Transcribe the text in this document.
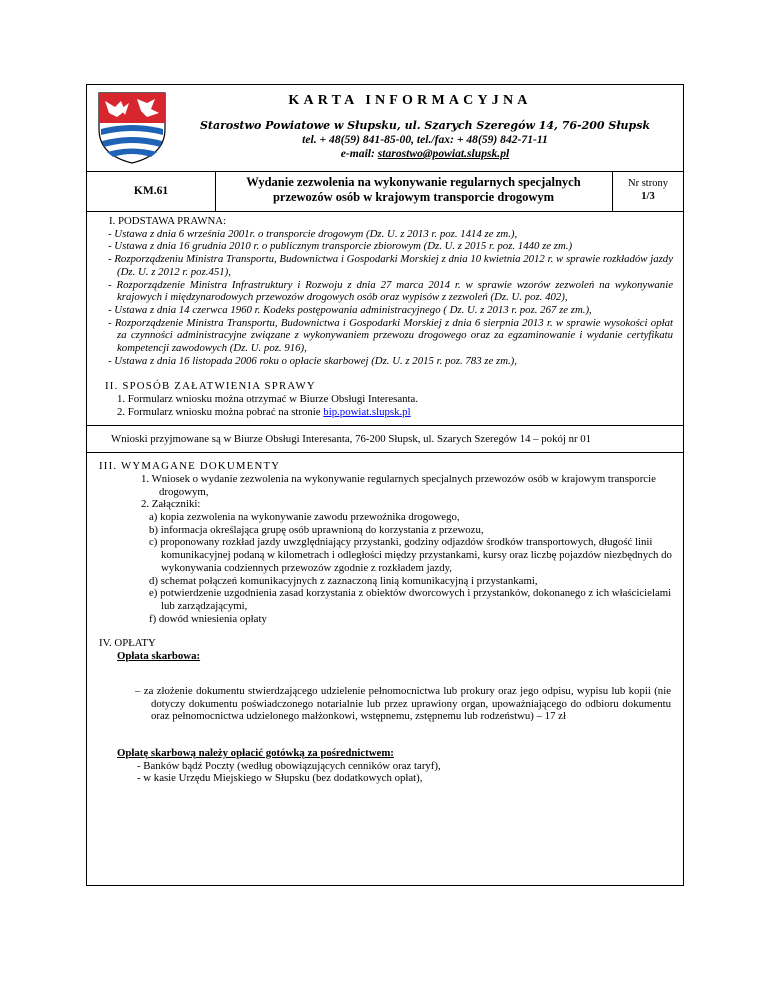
KARTA INFORMACYJNA
Starostwo Powiatowe w Słupsku, ul. Szarych Szeregów 14, 76-200 Słupsk
tel. + 48(59) 841-85-00, tel./fax: + 48(59) 842-71-11
e-mail: starostwo@powiat.slupsk.pl
KM.61
Wydanie zezwolenia na wykonywanie regularnych specjalnych
przewozów osób w krajowym transporcie drogowym
Nr strony
1/3
I. PODSTAWA PRAWNA:
- Ustawa z dnia 6 września 2001r. o transporcie drogowym (Dz. U. z 2013 r. poz. 1414 ze zm.),
- Ustawa z dnia 16 grudnia 2010 r. o publicznym transporcie zbiorowym (Dz. U. z 2015 r. poz. 1440 ze zm.)
- Rozporządzeniu Ministra Transportu, Budownictwa i Gospodarki Morskiej z dnia 10 kwietnia 2012 r. w sprawie rozkładów jazdy (Dz. U. z 2012 r. poz.451),
- Rozporządzenie Ministra Infrastruktury i Rozwoju z dnia 27 marca 2014 r. w sprawie wzorów zezwoleń na wykonywanie krajowych i międzynarodowych przewozów drogowych osób oraz wypisów z zezwoleń (Dz. U. poz. 402),
- Ustawa z dnia 14 czerwca 1960 r. Kodeks postępowania administracyjnego ( Dz. U. z 2013 r. poz. 267 ze zm.),
- Rozporządzenie Ministra Transportu, Budownictwa i Gospodarki Morskiej z dnia 6 sierpnia 2013 r. w sprawie wysokości opłat za czynności administracyjne związane z wykonywaniem przewozu drogowego oraz za egzaminowanie i wydanie certyfikatu kompetencji zawodowych (Dz. U. poz. 916),
- Ustawa z dnia 16 listopada 2006 roku o opłacie skarbowej (Dz. U. z 2015 r. poz. 783 ze zm.),
II. SPOSÓB ZAŁATWIENIA SPRAWY
1. Formularz wniosku można otrzymać w Biurze Obsługi Interesanta.
2. Formularz wniosku można pobrać na stronie bip.powiat.slupsk.pl
Wnioski przyjmowane są w Biurze Obsługi Interesanta, 76-200 Słupsk, ul. Szarych Szeregów 14 – pokój nr 01
III. WYMAGANE DOKUMENTY
1. Wniosek o wydanie zezwolenia na wykonywanie regularnych specjalnych przewozów osób w krajowym transporcie drogowym,
2. Załączniki:
a) kopia zezwolenia na wykonywanie zawodu przewoźnika drogowego,
b) informacja określająca grupę osób uprawnioną do korzystania z przewozu,
c) proponowany rozkład jazdy uwzględniający przystanki, godziny odjazdów środków transportowych, długość linii komunikacyjnej podaną w kilometrach i odległości między przystankami, kursy oraz liczbę pojazdów niezbędnych do wykonywania codziennych przewozów zgodnie z rozkładem jazdy,
d) schemat połączeń komunikacyjnych z zaznaczoną linią komunikacyjną i przystankami,
e) potwierdzenie uzgodnienia zasad korzystania z obiektów dworcowych i przystanków, dokonanego z ich właścicielami lub zarządzającymi,
f) dowód wniesienia opłaty
IV. OPŁATY
Opłata skarbowa:
– za złożenie dokumentu stwierdzającego udzielenie pełnomocnictwa lub prokury oraz jego odpisu, wypisu lub kopii (nie dotyczy dokumentu poświadczonego notarialnie lub przez uprawiony organ, upoważniającego do odbioru dokumentu oraz pełnomocnictwa udzielonego małżonkowi, wstępnemu, zstępnemu lub rodzeństwu) – 17 zł
Opłatę skarbową należy opłacić gotówką za pośrednictwem:
- Banków bądź Poczty (według obowiązujących cenników oraz taryf),
- w kasie Urzędu Miejskiego w Słupsku (bez dodatkowych opłat),
